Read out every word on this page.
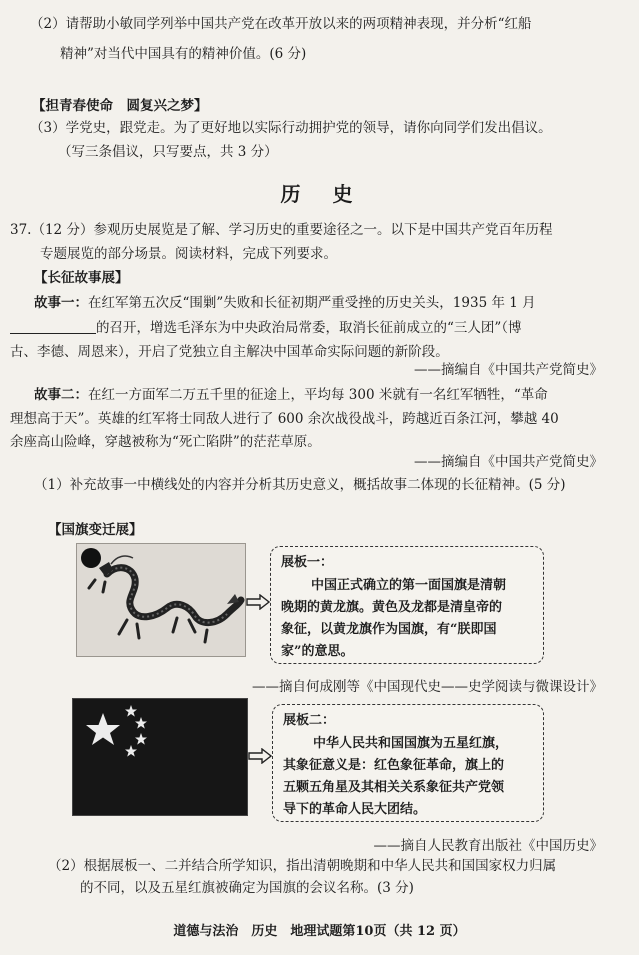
（2）请帮助小敏同学列举中国共产党在改革开放以来的两项精神表现，并分析“红船
精神”对当代中国具有的精神价值。(6 分)
【担青春使命　圆复兴之梦】
（3）学党史，跟党走。为了更好地以实际行动拥护党的领导，请你向同学们发出倡议。
（写三条倡议，只写要点，共 3 分）
历　史
37.（12 分）参观历史展览是了解、学习历史的重要途径之一。以下是中国共产党百年历程
专题展览的部分场景。阅读材料，完成下列要求。
【长征故事展】
故事一：在红军第五次反“围剿”失败和长征初期严重受挫的历史关头，1935 年 1 月
的召开，增选毛泽东为中央政治局常委，取消长征前成立的“三人团”（博
古、李德、周恩来），开启了党独立自主解决中国革命实际问题的新阶段。
——摘编自《中国共产党简史》
故事二：在红一方面军二万五千里的征途上，平均每 300 米就有一名红军牺牲，“革命
理想高于天”。英雄的红军将士同敌人进行了 600 余次战役战斗，跨越近百条江河，攀越 40
余座高山险峰，穿越被称为“死亡陷阱”的茫茫草原。
——摘编自《中国共产党简史》
（1）补充故事一中横线处的内容并分析其历史意义，概括故事二体现的长征精神。(5 分)
【国旗变迁展】
展板一：
中国正式确立的第一面国旗是清朝
晚期的黄龙旗。黄色及龙都是清皇帝的
象征，以黄龙旗作为国旗，有“朕即国
家”的意思。
——摘自何成刚等《中国现代史——史学阅读与微课设计》
展板二：
中华人民共和国国旗为五星红旗，
其象征意义是：红色象征革命，旗上的
五颗五角星及其相关关系象征共产党领
导下的革命人民大团结。
——摘自人民教育出版社《中国历史》
（2）根据展板一、二并结合所学知识，指出清朝晚期和中华人民共和国国家权力归属
的不同，以及五星红旗被确定为国旗的会议名称。(3 分)
道德与法治　历史　地理试题第10页（共 12 页）
